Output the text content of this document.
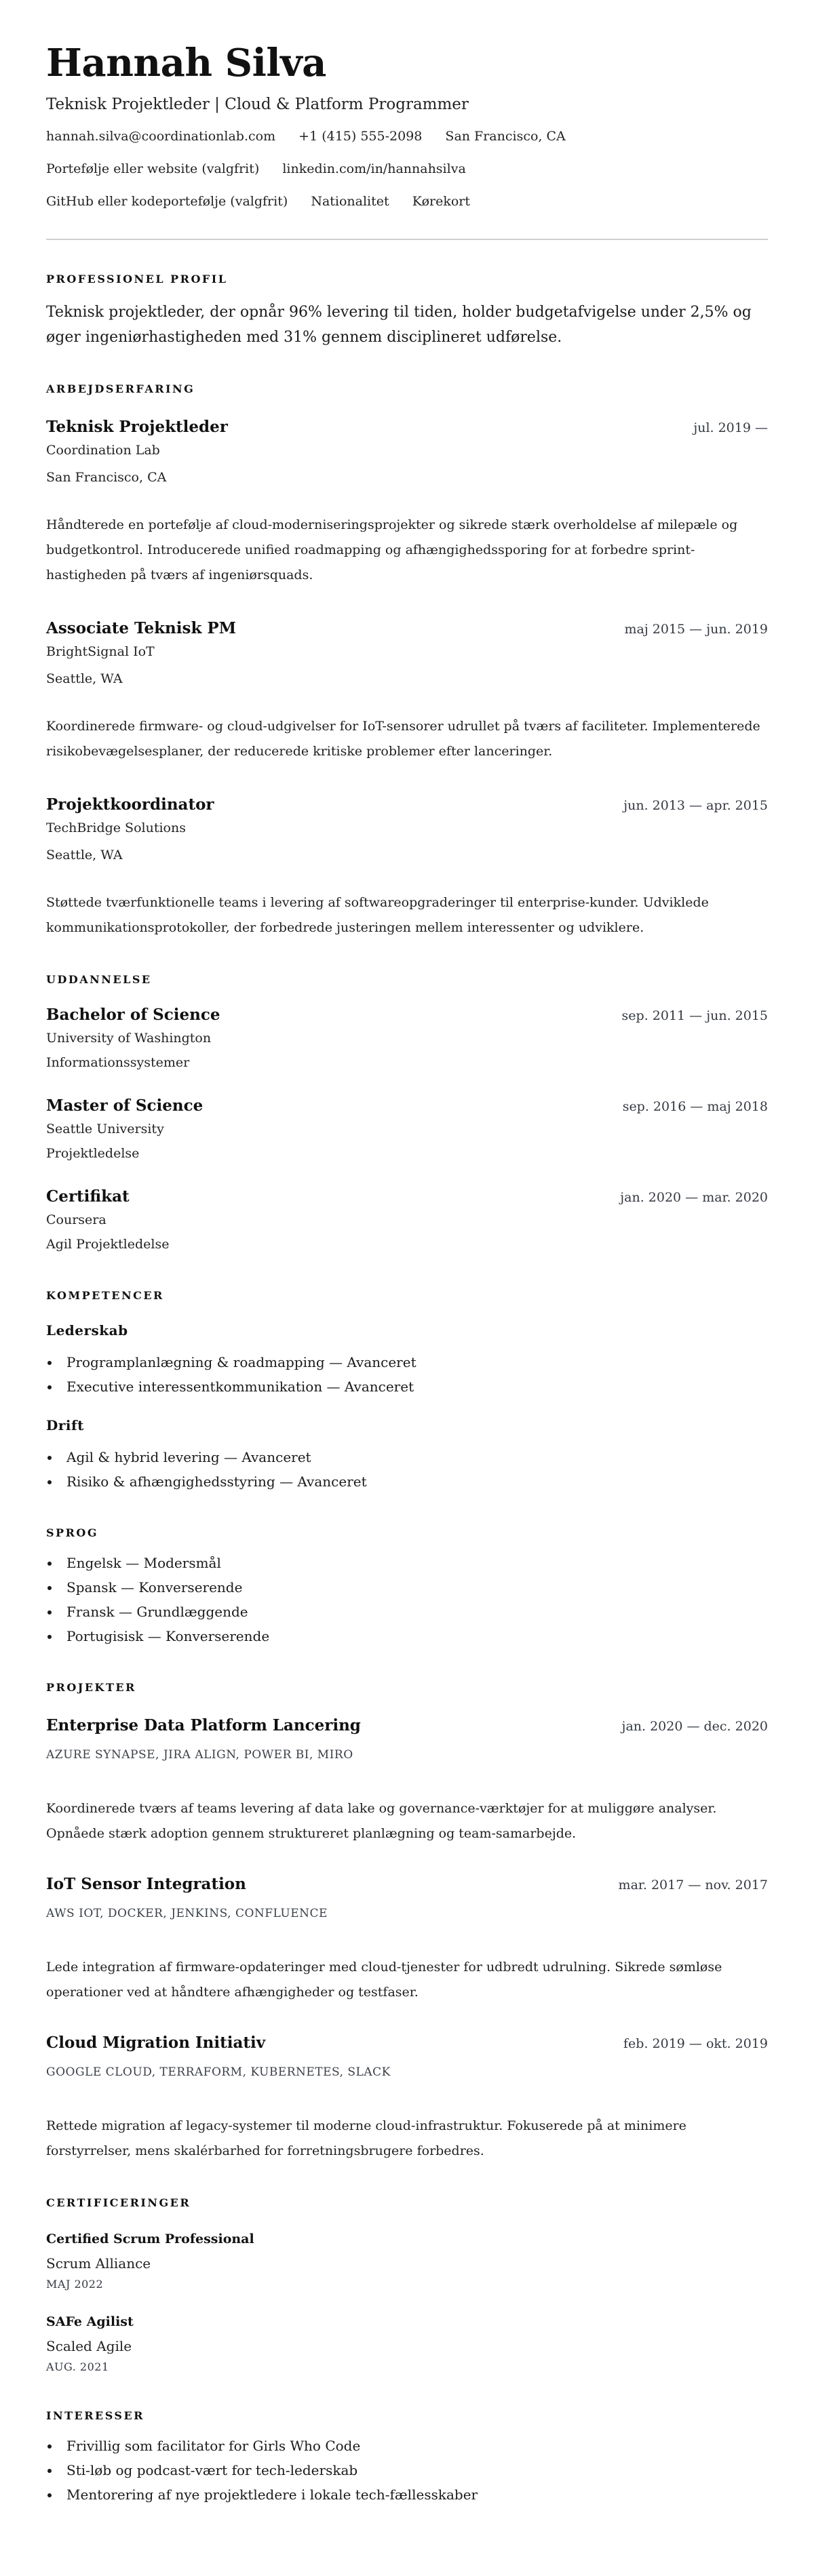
Hannah Silva
Teknisk Projektleder | Cloud & Platform Programmer
hannah.silva@coordinationlab.com +1 (415) 555-2098 San Francisco, CA
Portefølje eller website (valgfrit) linkedin.com/in/hannahsilva
GitHub eller kodeportefølje (valgfrit) Nationalitet Kørekort
PROFESSIONEL PROFIL

Teknisk projektleder, der opnår 96% levering til tiden, holder budgetafvigelse under 2,5% og øger ingeniørhastigheden med 31% gennem disciplineret udførelse.

ARBEJDSERFARING
Teknisk Projektleder	jul. 2019 —
Coordination Lab
San Francisco, CA

Håndterede en portefølje af cloud-moderniseringsprojekter og sikrede stærk overholdelse af milepæle og budgetkontrol. Introducerede unified roadmapping og afhængighedssporing for at forbedre sprint-hastigheden på tværs af ingeniørsquads.

Associate Teknisk PM	maj 2015 — jun. 2019
BrightSignal IoT
Seattle, WA

Koordinerede firmware- og cloud-udgivelser for IoT-sensorer udrullet på tværs af faciliteter. Implementerede risikobevægelsesplaner, der reducerede kritiske problemer efter lanceringer.

Projektkoordinator	jun. 2013 — apr. 2015
TechBridge Solutions
Seattle, WA

Støttede tværfunktionelle teams i levering af softwareopgraderinger til enterprise-kunder. Udviklede kommunikationsprotokoller, der forbedrede justeringen mellem interessenter og udviklere.

UDDANNELSE
Bachelor of Science	sep. 2011 — jun. 2015
University of Washington
Informationssystemer
Master of Science	sep. 2016 — maj 2018
Seattle University
Projektledelse
Certifikat	jan. 2020 — mar. 2020
Coursera
Agil Projektledelse
KOMPETENCER
Lederskab
Programplanlægning & roadmapping — Avanceret
Executive interessentkommunikation — Avanceret
Drift
Agil & hybrid levering — Avanceret
Risiko & afhængighedsstyring — Avanceret
SPROG
Engelsk — Modersmål
Spansk — Konverserende
Fransk — Grundlæggende
Portugisisk — Konverserende
PROJEKTER
Enterprise Data Platform Lancering	jan. 2020 — dec. 2020
AZURE SYNAPSE, JIRA ALIGN, POWER BI, MIRO

Koordinerede tværs af teams levering af data lake og governance-værktøjer for at muliggøre analyser. Opnåede stærk adoption gennem struktureret planlægning og team-samarbejde.

IoT Sensor Integration	mar. 2017 — nov. 2017
AWS IOT, DOCKER, JENKINS, CONFLUENCE

Lede integration af firmware-opdateringer med cloud-tjenester for udbredt udrulning. Sikrede sømløse operationer ved at håndtere afhængigheder og testfaser.

Cloud Migration Initiativ	feb. 2019 — okt. 2019
GOOGLE CLOUD, TERRAFORM, KUBERNETES, SLACK

Rettede migration af legacy-systemer til moderne cloud-infrastruktur. Fokuserede på at minimere forstyrrelser, mens skalérbarhed for forretningsbrugere forbedres.

CERTIFICERINGER
Certified Scrum Professional
Scrum Alliance
MAJ 2022
SAFe Agilist
Scaled Agile
AUG. 2021
INTERESSER
Frivillig som facilitator for Girls Who Code
Sti-løb og podcast-vært for tech-lederskab
Mentorering af nye projektledere i lokale tech-fællesskaber
